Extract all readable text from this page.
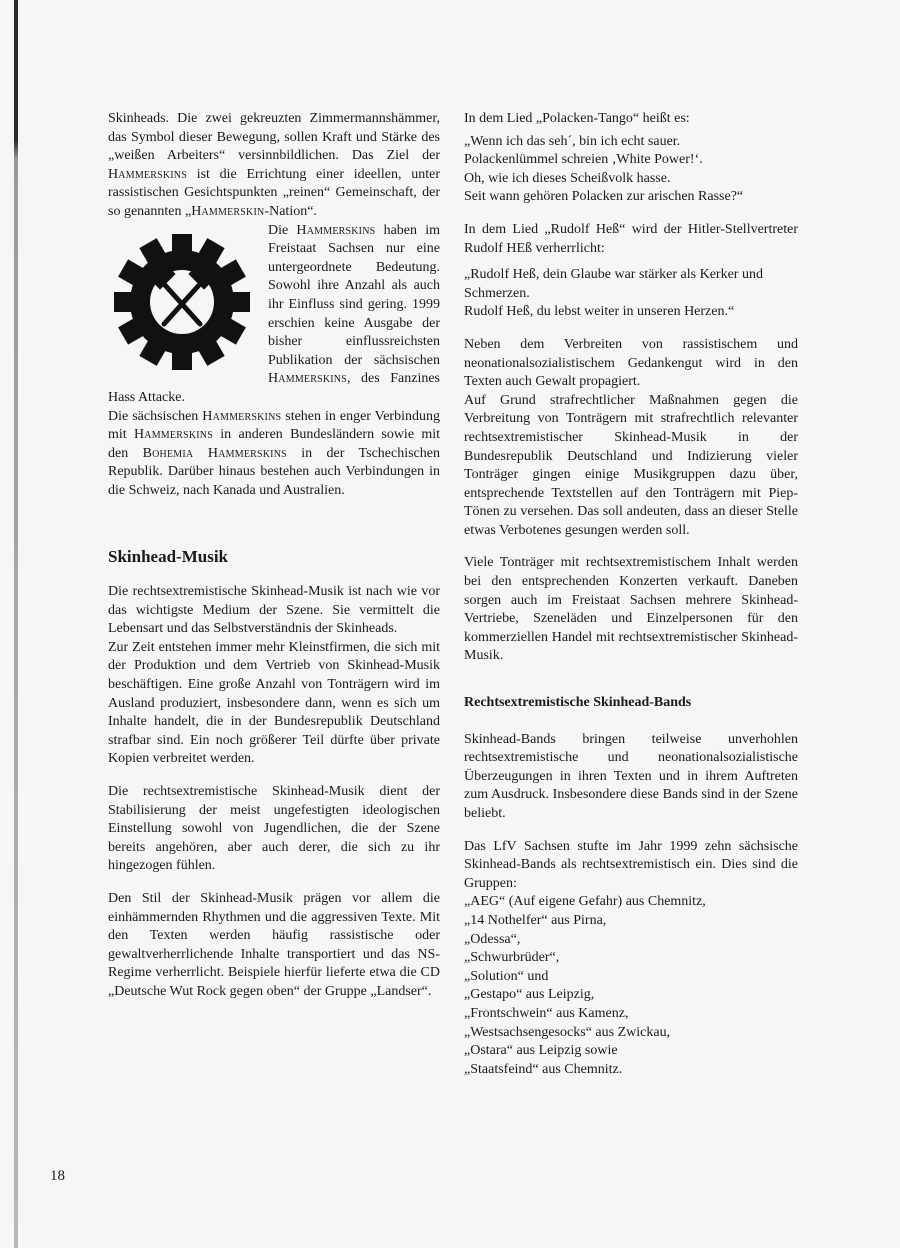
Skinheads. Die zwei gekreuzten Zimmermannshämmer, das Symbol dieser Bewegung, sollen Kraft und Stärke des „weißen Arbeiters“ versinnbildlichen. Das Ziel der Hammerskins ist die Errichtung einer ideellen, unter rassistischen Gesichtspunkten „reinen“ Gemeinschaft, der so genannten „Hammerskin-Nation“.

Die Hammerskins haben im Freistaat Sachsen nur eine untergeordnete Bedeutung. Sowohl ihre Anzahl als auch ihr Einfluss sind gering. 1999 erschien keine Ausgabe der bisher einflussreichsten Publikation der sächsischen Hammerskins, des Fanzines Hass Attacke.

Die sächsischen Hammerskins stehen in enger Verbindung mit Hammerskins in anderen Bundesländern sowie mit den Bohemia Hammerskins in der Tschechischen Republik. Darüber hinaus bestehen auch Verbindungen in die Schweiz, nach Kanada und Australien.

Skinhead-Musik

Die rechtsextremistische Skinhead-Musik ist nach wie vor das wichtigste Medium der Szene. Sie vermittelt die Lebensart und das Selbstverständnis der Skinheads.

Zur Zeit entstehen immer mehr Kleinstfirmen, die sich mit der Produktion und dem Vertrieb von Skinhead-Musik beschäftigen. Eine große Anzahl von Tonträgern wird im Ausland produziert, insbesondere dann, wenn es sich um Inhalte handelt, die in der Bundesrepublik Deutschland strafbar sind. Ein noch größerer Teil dürfte über private Kopien verbreitet werden.

Die rechtsextremistische Skinhead-Musik dient der Stabilisierung der meist ungefestigten ideologischen Einstellung sowohl von Jugendlichen, die der Szene bereits angehören, aber auch derer, die sich zu ihr hingezogen fühlen.

Den Stil der Skinhead-Musik prägen vor allem die einhämmernden Rhythmen und die aggressiven Texte. Mit den Texten werden häufig rassistische oder gewaltverherrlichende Inhalte transportiert und das NS-Regime verherrlicht. Beispiele hierfür lieferte etwa die CD „Deutsche Wut Rock gegen oben“ der Gruppe „Landser“.

In dem Lied „Polacken-Tango“ heißt es:

„Wenn ich das seh´, bin ich echt sauer.

Polackenlümmel schreien ‚White Power!‘.

Oh, wie ich dieses Scheißvolk hasse.

Seit wann gehören Polacken zur arischen Rasse?“

In dem Lied „Rudolf Heß“ wird der Hitler-Stellvertreter Rudolf HEß verherrlicht:

„Rudolf Heß, dein Glaube war stärker als Kerker und Schmerzen.

Rudolf Heß, du lebst weiter in unseren Herzen.“

Neben dem Verbreiten von rassistischem und neonationalsozialistischem Gedankengut wird in den Texten auch Gewalt propagiert.

Auf Grund strafrechtlicher Maßnahmen gegen die Verbreitung von Tonträgern mit strafrechtlich relevanter rechtsextremistischer Skinhead-Musik in der Bundesrepublik Deutschland und Indizierung vieler Tonträger gingen einige Musikgruppen dazu über, entsprechende Textstellen auf den Tonträgern mit Piep-Tönen zu versehen. Das soll andeuten, dass an dieser Stelle etwas Verbotenes gesungen werden soll.

Viele Tonträger mit rechtsextremistischem Inhalt werden bei den entsprechenden Konzerten verkauft. Daneben sorgen auch im Freistaat Sachsen mehrere Skinhead-Vertriebe, Szeneläden und Einzelpersonen für den kommerziellen Handel mit rechtsextremistischer Skinhead-Musik.

Rechtsextremistische Skinhead-Bands

Skinhead-Bands bringen teilweise unverhohlen rechtsextremistische und neonationalsozialistische Überzeugungen in ihren Texten und in ihrem Auftreten zum Ausdruck. Insbesondere diese Bands sind in der Szene beliebt.

Das LfV Sachsen stufte im Jahr 1999 zehn sächsische Skinhead-Bands als rechtsextremistisch ein. Dies sind die Gruppen:

„AEG“ (Auf eigene Gefahr) aus Chemnitz,
„14 Nothelfer“ aus Pirna,
„Odessa“,
„Schwurbrüder“,
„Solution“ und
„Gestapo“ aus Leipzig,
„Frontschwein“ aus Kamenz,
„Westsachsengesocks“ aus Zwickau,
„Ostara“ aus Leipzig sowie
„Staatsfeind“ aus Chemnitz.
18
